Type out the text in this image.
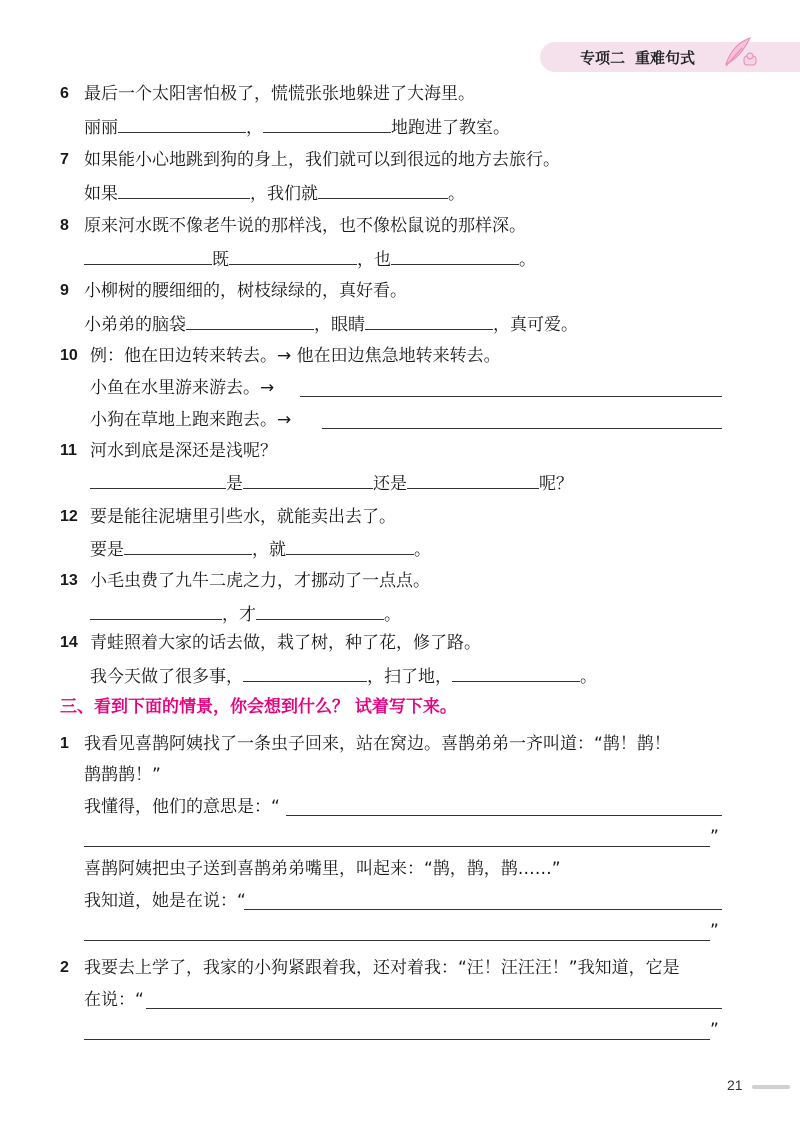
专项二 重难句式
6 最后一个太阳害怕极了，慌慌张张地躲进了大海里。
丽丽	，	地跑进了教室。
7 如果能小心地跳到狗的身上，我们就可以到很远的地方去旅行。
如果	，我们就	。
8 原来河水既不像老牛说的那样浅，也不像松鼠说的那样深。
既	，也	。
9 小柳树的腰细细的，树枝绿绿的，真好看。
小弟弟的脑袋	，眼睛	，真可爱。
10 例：他在田边转来转去。→ 他在田边焦急地转来转去。
小鱼在水里游来游去。→
小狗在草地上跑来跑去。→
11 河水到底是深还是浅呢？
是	还是	呢？
12 要是能往泥塘里引些水，就能卖出去了。
要是	，就	。
13 小毛虫费了九牛二虎之力，才挪动了一点点。
，才	。
14 青蛙照着大家的话去做，栽了树，种了花，修了路。
我今天做了很多事，	，扫了地，	。
三、看到下面的情景，你会想到什么？ 试着写下来。
1 我看见喜鹊阿姨找了一条虫子回来，站在窝边。喜鹊弟弟一齐叫道：“鹊！鹊！
鹊鹊鹊！”
我懂得，他们的意思是：“
”
喜鹊阿姨把虫子送到喜鹊弟弟嘴里，叫起来：“鹊，鹊，鹊……”
我知道，她是在说：“
”
2 我要去上学了，我家的小狗紧跟着我，还对着我：“汪！汪汪汪！”我知道，它是
在说：“
”
21
